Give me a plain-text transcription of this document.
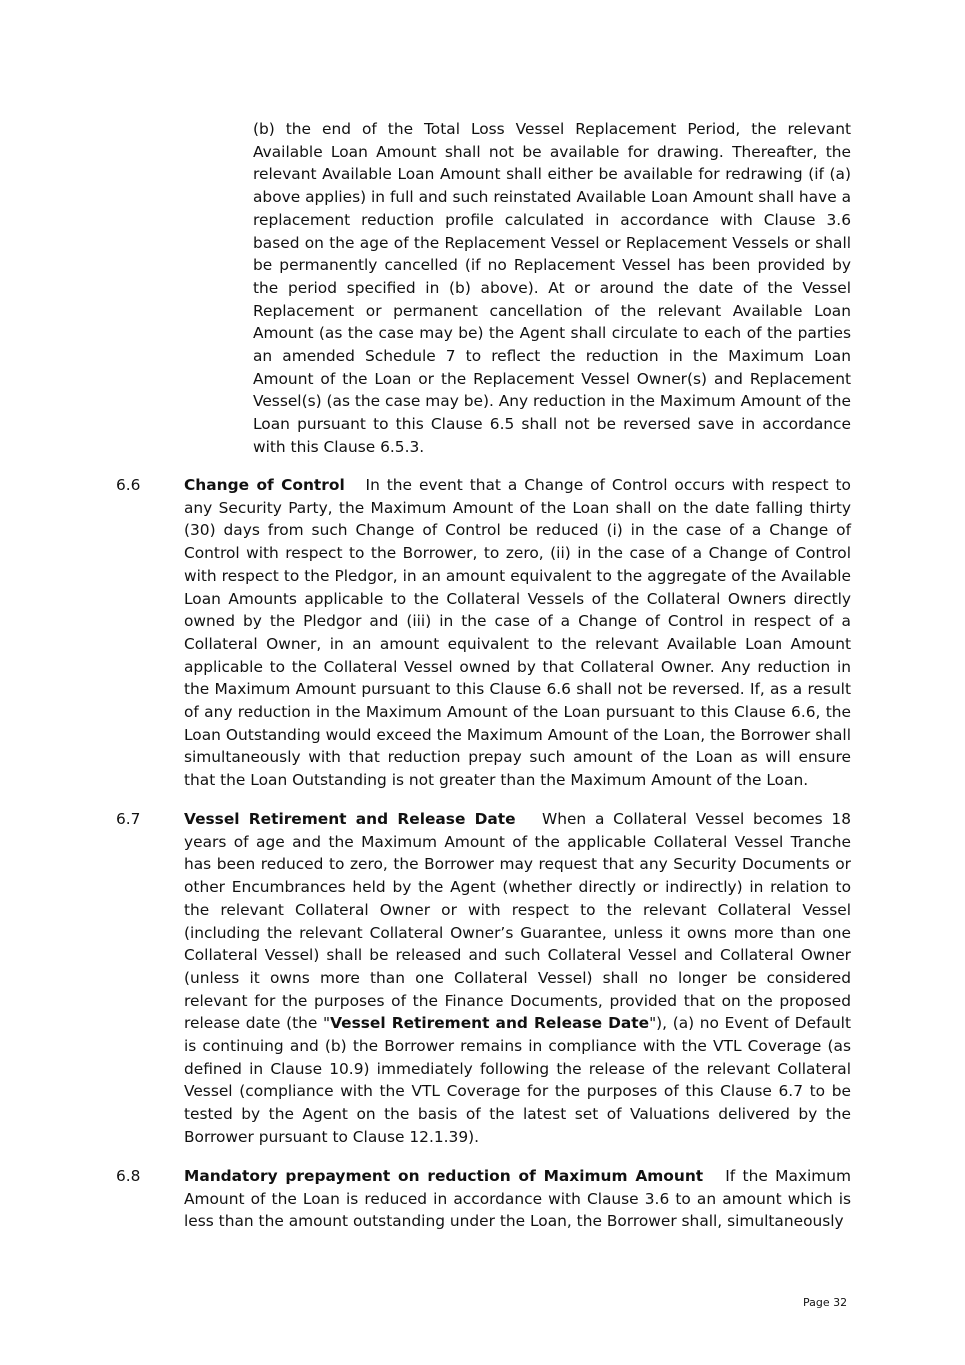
(b) the end of the Total Loss Vessel Replacement Period, the relevant Available Loan Amount shall not be available for drawing. Thereafter, the relevant Available Loan Amount shall either be available for redrawing (if (a) above applies) in full and such reinstated Available Loan Amount shall have a replacement reduction profile calculated in accordance with Clause 3.6 based on the age of the Replacement Vessel or Replacement Vessels or shall be permanently cancelled (if no Replacement Vessel has been provided by the period specified in (b) above). At or around the date of the Vessel Replacement or permanent cancellation of the relevant Available Loan Amount (as the case may be) the Agent shall circulate to each of the parties an amended Schedule 7 to reflect the reduction in the Maximum Loan Amount of the Loan or the Replacement Vessel Owner(s) and Replacement Vessel(s) (as the case may be). Any reduction in the Maximum Amount of the Loan pursuant to this Clause 6.5 shall not be reversed save in accordance with this Clause 6.5.3.

6.6	Change of Control In the event that a Change of Control occurs with respect to any Security Party, the Maximum Amount of the Loan shall on the date falling thirty (30) days from such Change of Control be reduced (i) in the case of a Change of Control with respect to the Borrower, to zero, (ii) in the case of a Change of Control with respect to the Pledgor, in an amount equivalent to the aggregate of the Available Loan Amounts applicable to the Collateral Vessels of the Collateral Owners directly owned by the Pledgor and (iii) in the case of a Change of Control in respect of a Collateral Owner, in an amount equivalent to the relevant Available Loan Amount applicable to the Collateral Vessel owned by that Collateral Owner. Any reduction in the Maximum Amount pursuant to this Clause 6.6 shall not be reversed. If, as a result of any reduction in the Maximum Amount of the Loan pursuant to this Clause 6.6, the Loan Outstanding would exceed the Maximum Amount of the Loan, the Borrower shall simultaneously with that reduction prepay such amount of the Loan as will ensure that the Loan Outstanding is not greater than the Maximum Amount of the Loan.

6.7	Vessel Retirement and Release Date When a Collateral Vessel becomes 18 years of age and the Maximum Amount of the applicable Collateral Vessel Tranche has been reduced to zero, the Borrower may request that any Security Documents or other Encumbrances held by the Agent (whether directly or indirectly) in relation to the relevant Collateral Owner or with respect to the relevant Collateral Vessel (including the relevant Collateral Owner’s Guarantee, unless it owns more than one Collateral Vessel) shall be released and such Collateral Vessel and Collateral Owner (unless it owns more than one Collateral Vessel) shall no longer be considered relevant for the purposes of the Finance Documents, provided that on the proposed release date (the "Vessel Retirement and Release Date"), (a) no Event of Default is continuing and (b) the Borrower remains in compliance with the VTL Coverage (as defined in Clause 10.9) immediately following the release of the relevant Collateral Vessel (compliance with the VTL Coverage for the purposes of this Clause 6.7 to be tested by the Agent on the basis of the latest set of Valuations delivered by the Borrower pursuant to Clause 12.1.39).

6.8	Mandatory prepayment on reduction of Maximum Amount If the Maximum Amount of the Loan is reduced in accordance with Clause 3.6 to an amount which is less than the amount outstanding under the Loan, the Borrower shall, simultaneously

Page 32
